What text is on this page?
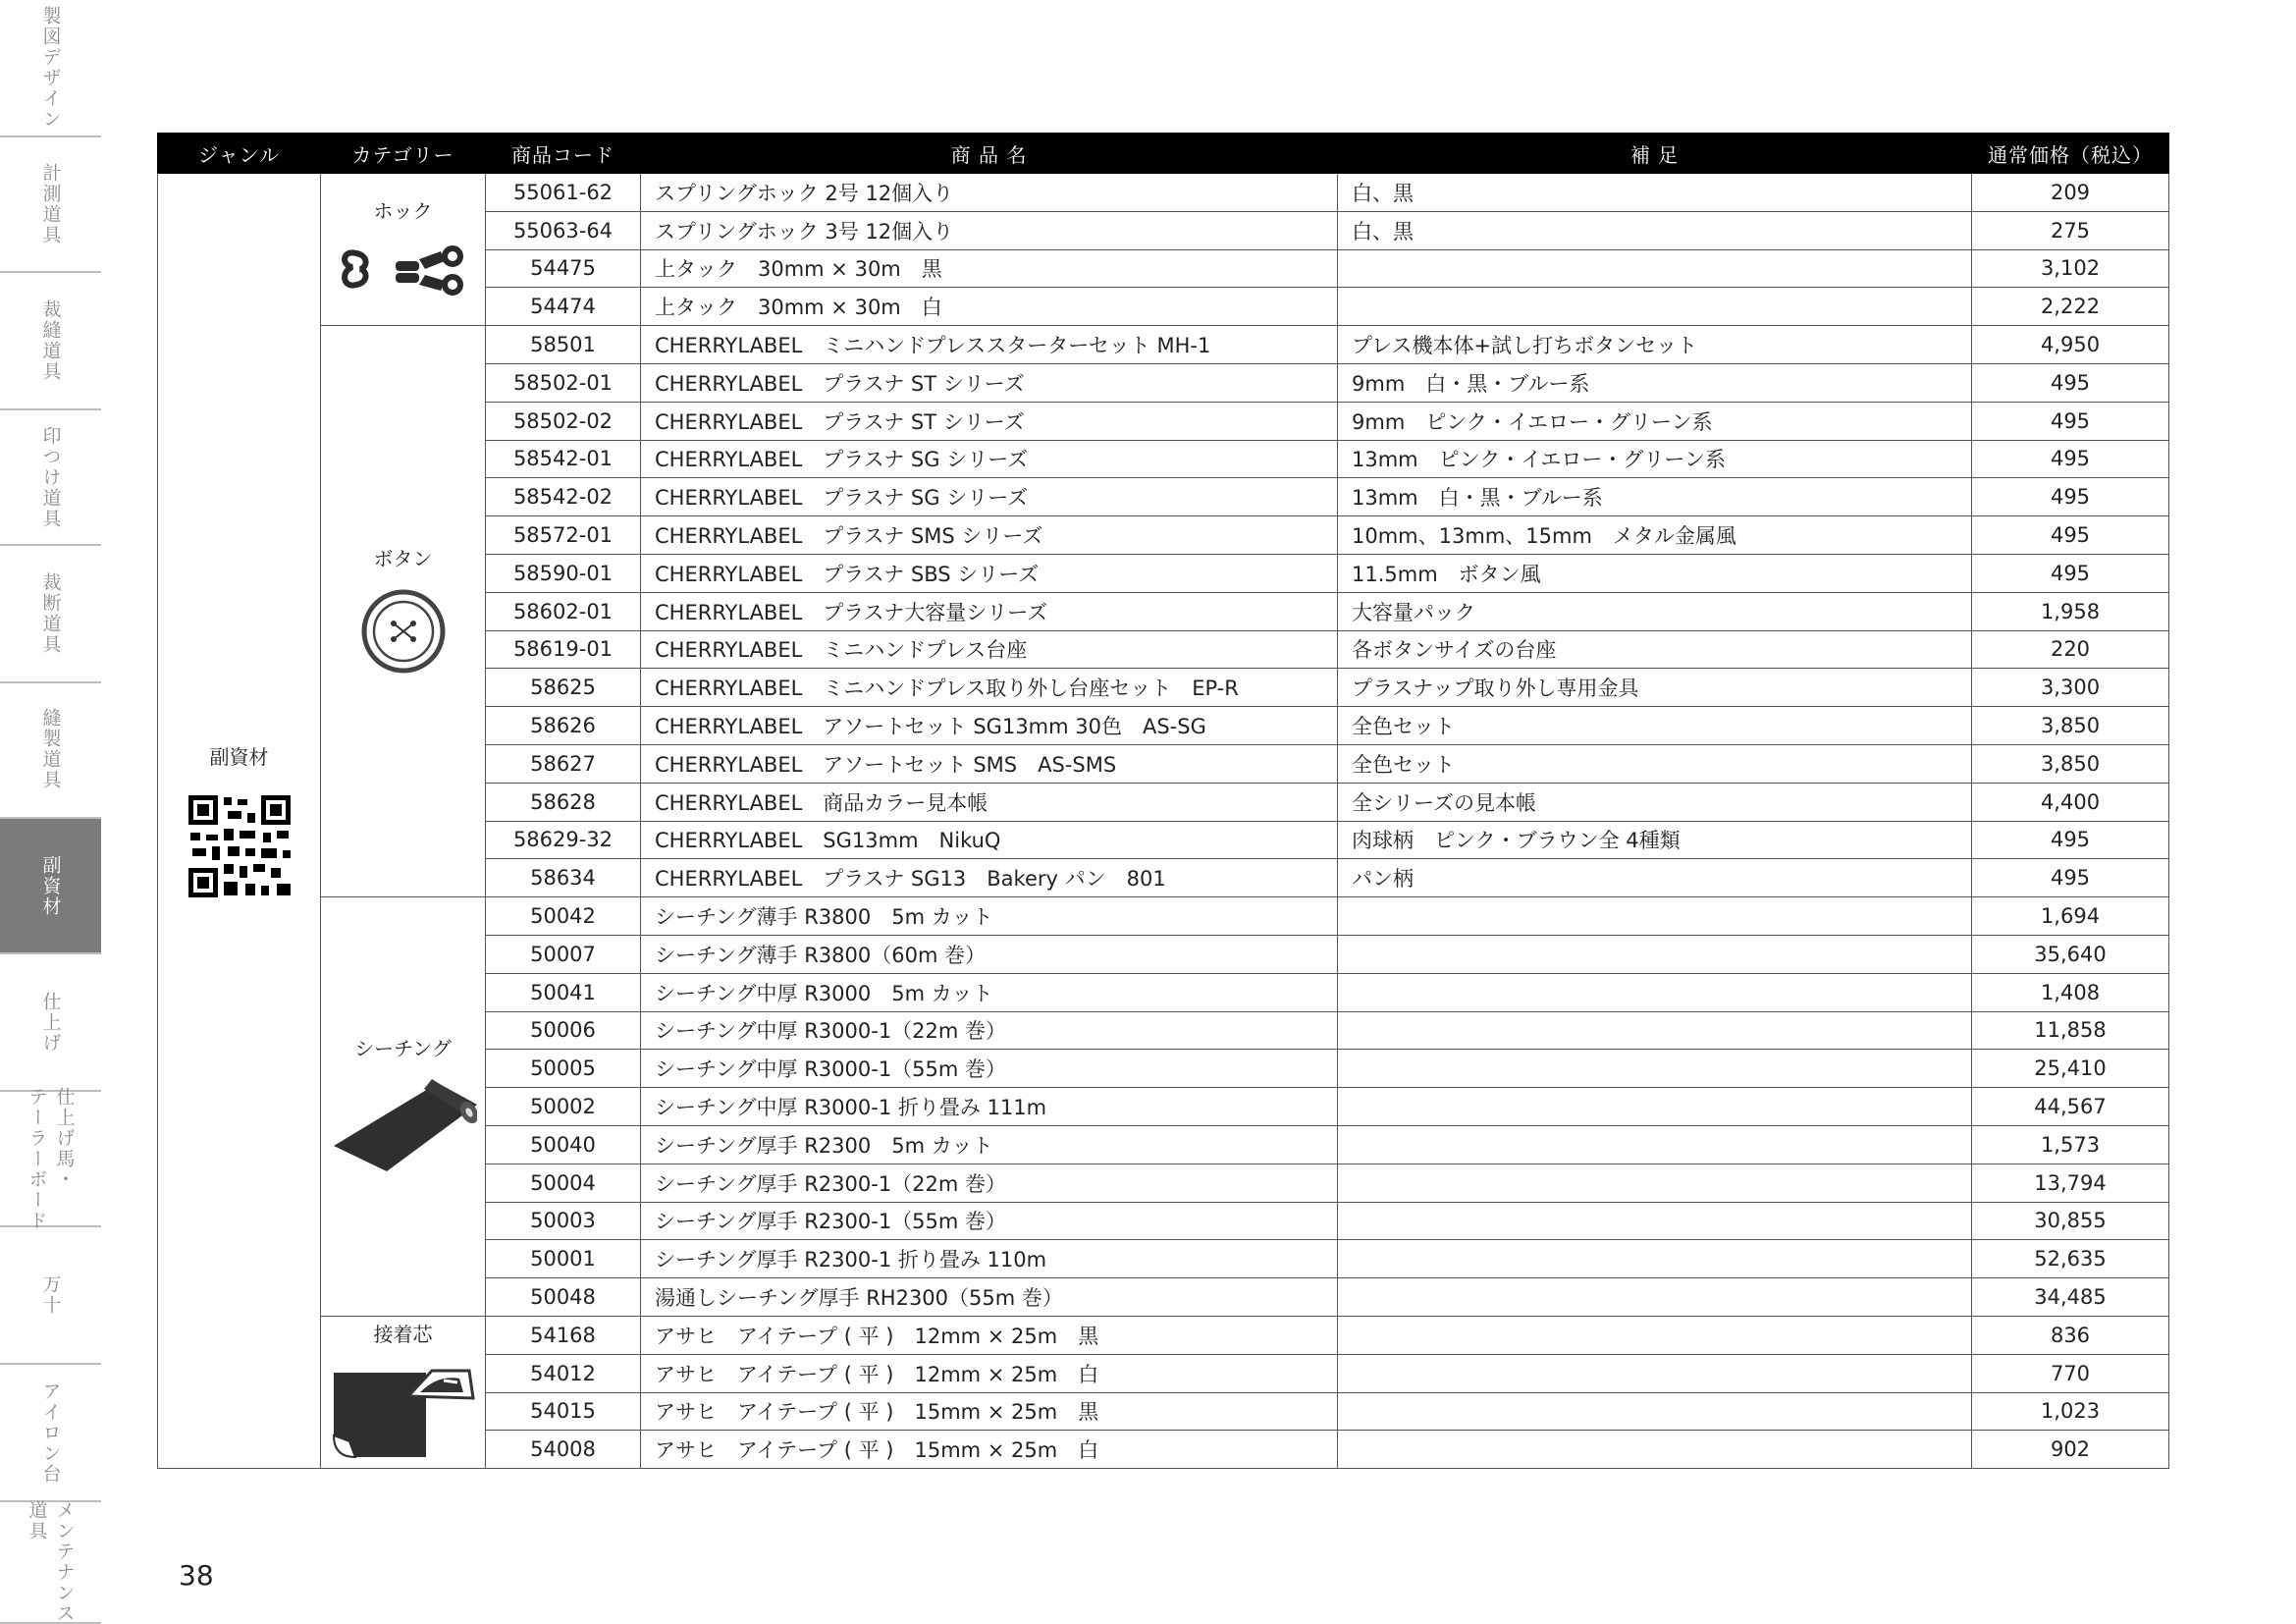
製図デザイン
計測道具
裁縫道具
印つけ道具
裁断道具
縫製道具
副資材
仕上げ
仕上げ馬・
テーラーボード
万十
アイロン台
メンテナンス
道具
ジャンル	カテゴリー	商品コード	商 品 名	補 足	通常価格（税込）

副資材	ホック	55061-62	スプリングホック 2号 12個入り	白、黒	209
		55063-64	スプリングホック 3号 12個入り	白、黒	275
		54475	上タック　30mm × 30m　黒		3,102
		54474	上タック　30mm × 30m　白		2,222

	ボタン	58501	CHERRYLABEL　ミニハンドプレススターターセット MH-1	プレス機本体+試し打ちボタンセット	4,950
		58502-01	CHERRYLABEL　プラスナ ST シリーズ	9mm　白・黒・ブルー系	495
		58502-02	CHERRYLABEL　プラスナ ST シリーズ	9mm　ピンク・イエロー・グリーン系	495
		58542-01	CHERRYLABEL　プラスナ SG シリーズ	13mm　ピンク・イエロー・グリーン系	495
		58542-02	CHERRYLABEL　プラスナ SG シリーズ	13mm　白・黒・ブルー系	495
		58572-01	CHERRYLABEL　プラスナ SMS シリーズ	10mm、13mm、15mm　メタル金属風	495
		58590-01	CHERRYLABEL　プラスナ SBS シリーズ	11.5mm　ボタン風	495
		58602-01	CHERRYLABEL　プラスナ大容量シリーズ	大容量パック	1,958
		58619-01	CHERRYLABEL　ミニハンドプレス台座	各ボタンサイズの台座	220
		58625	CHERRYLABEL　ミニハンドプレス取り外し台座セット　EP-R	プラスナップ取り外し専用金具	3,300
		58626	CHERRYLABEL　アソートセット SG13mm 30色　AS-SG	全色セット	3,850
		58627	CHERRYLABEL　アソートセット SMS　AS-SMS	全色セット	3,850
		58628	CHERRYLABEL　商品カラー見本帳	全シリーズの見本帳	4,400
		58629-32	CHERRYLABEL　SG13mm　NikuQ	肉球柄　ピンク・ブラウン全 4種類	495
		58634	CHERRYLABEL　プラスナ SG13　Bakery パン　801	パン柄	495

	シーチング	50042	シーチング薄手 R3800　5m カット		1,694
		50007	シーチング薄手 R3800（60m 巻）		35,640
		50041	シーチング中厚 R3000　5m カット		1,408
		50006	シーチング中厚 R3000-1（22m 巻）		11,858
		50005	シーチング中厚 R3000-1（55m 巻）		25,410
		50002	シーチング中厚 R3000-1 折り畳み 111m		44,567
		50040	シーチング厚手 R2300　5m カット		1,573
		50004	シーチング厚手 R2300-1（22m 巻）		13,794
		50003	シーチング厚手 R2300-1（55m 巻）		30,855
		50001	シーチング厚手 R2300-1 折り畳み 110m		52,635
		50048	湯通しシーチング厚手 RH2300（55m 巻）		34,485

	接着芯	54168	アサヒ　アイテープ ( 平 )　12mm × 25m　黒		836
		54012	アサヒ　アイテープ ( 平 )　12mm × 25m　白		770
		54015	アサヒ　アイテープ ( 平 )　15mm × 25m　黒		1,023
		54008	アサヒ　アイテープ ( 平 )　15mm × 25m　白		902
38
